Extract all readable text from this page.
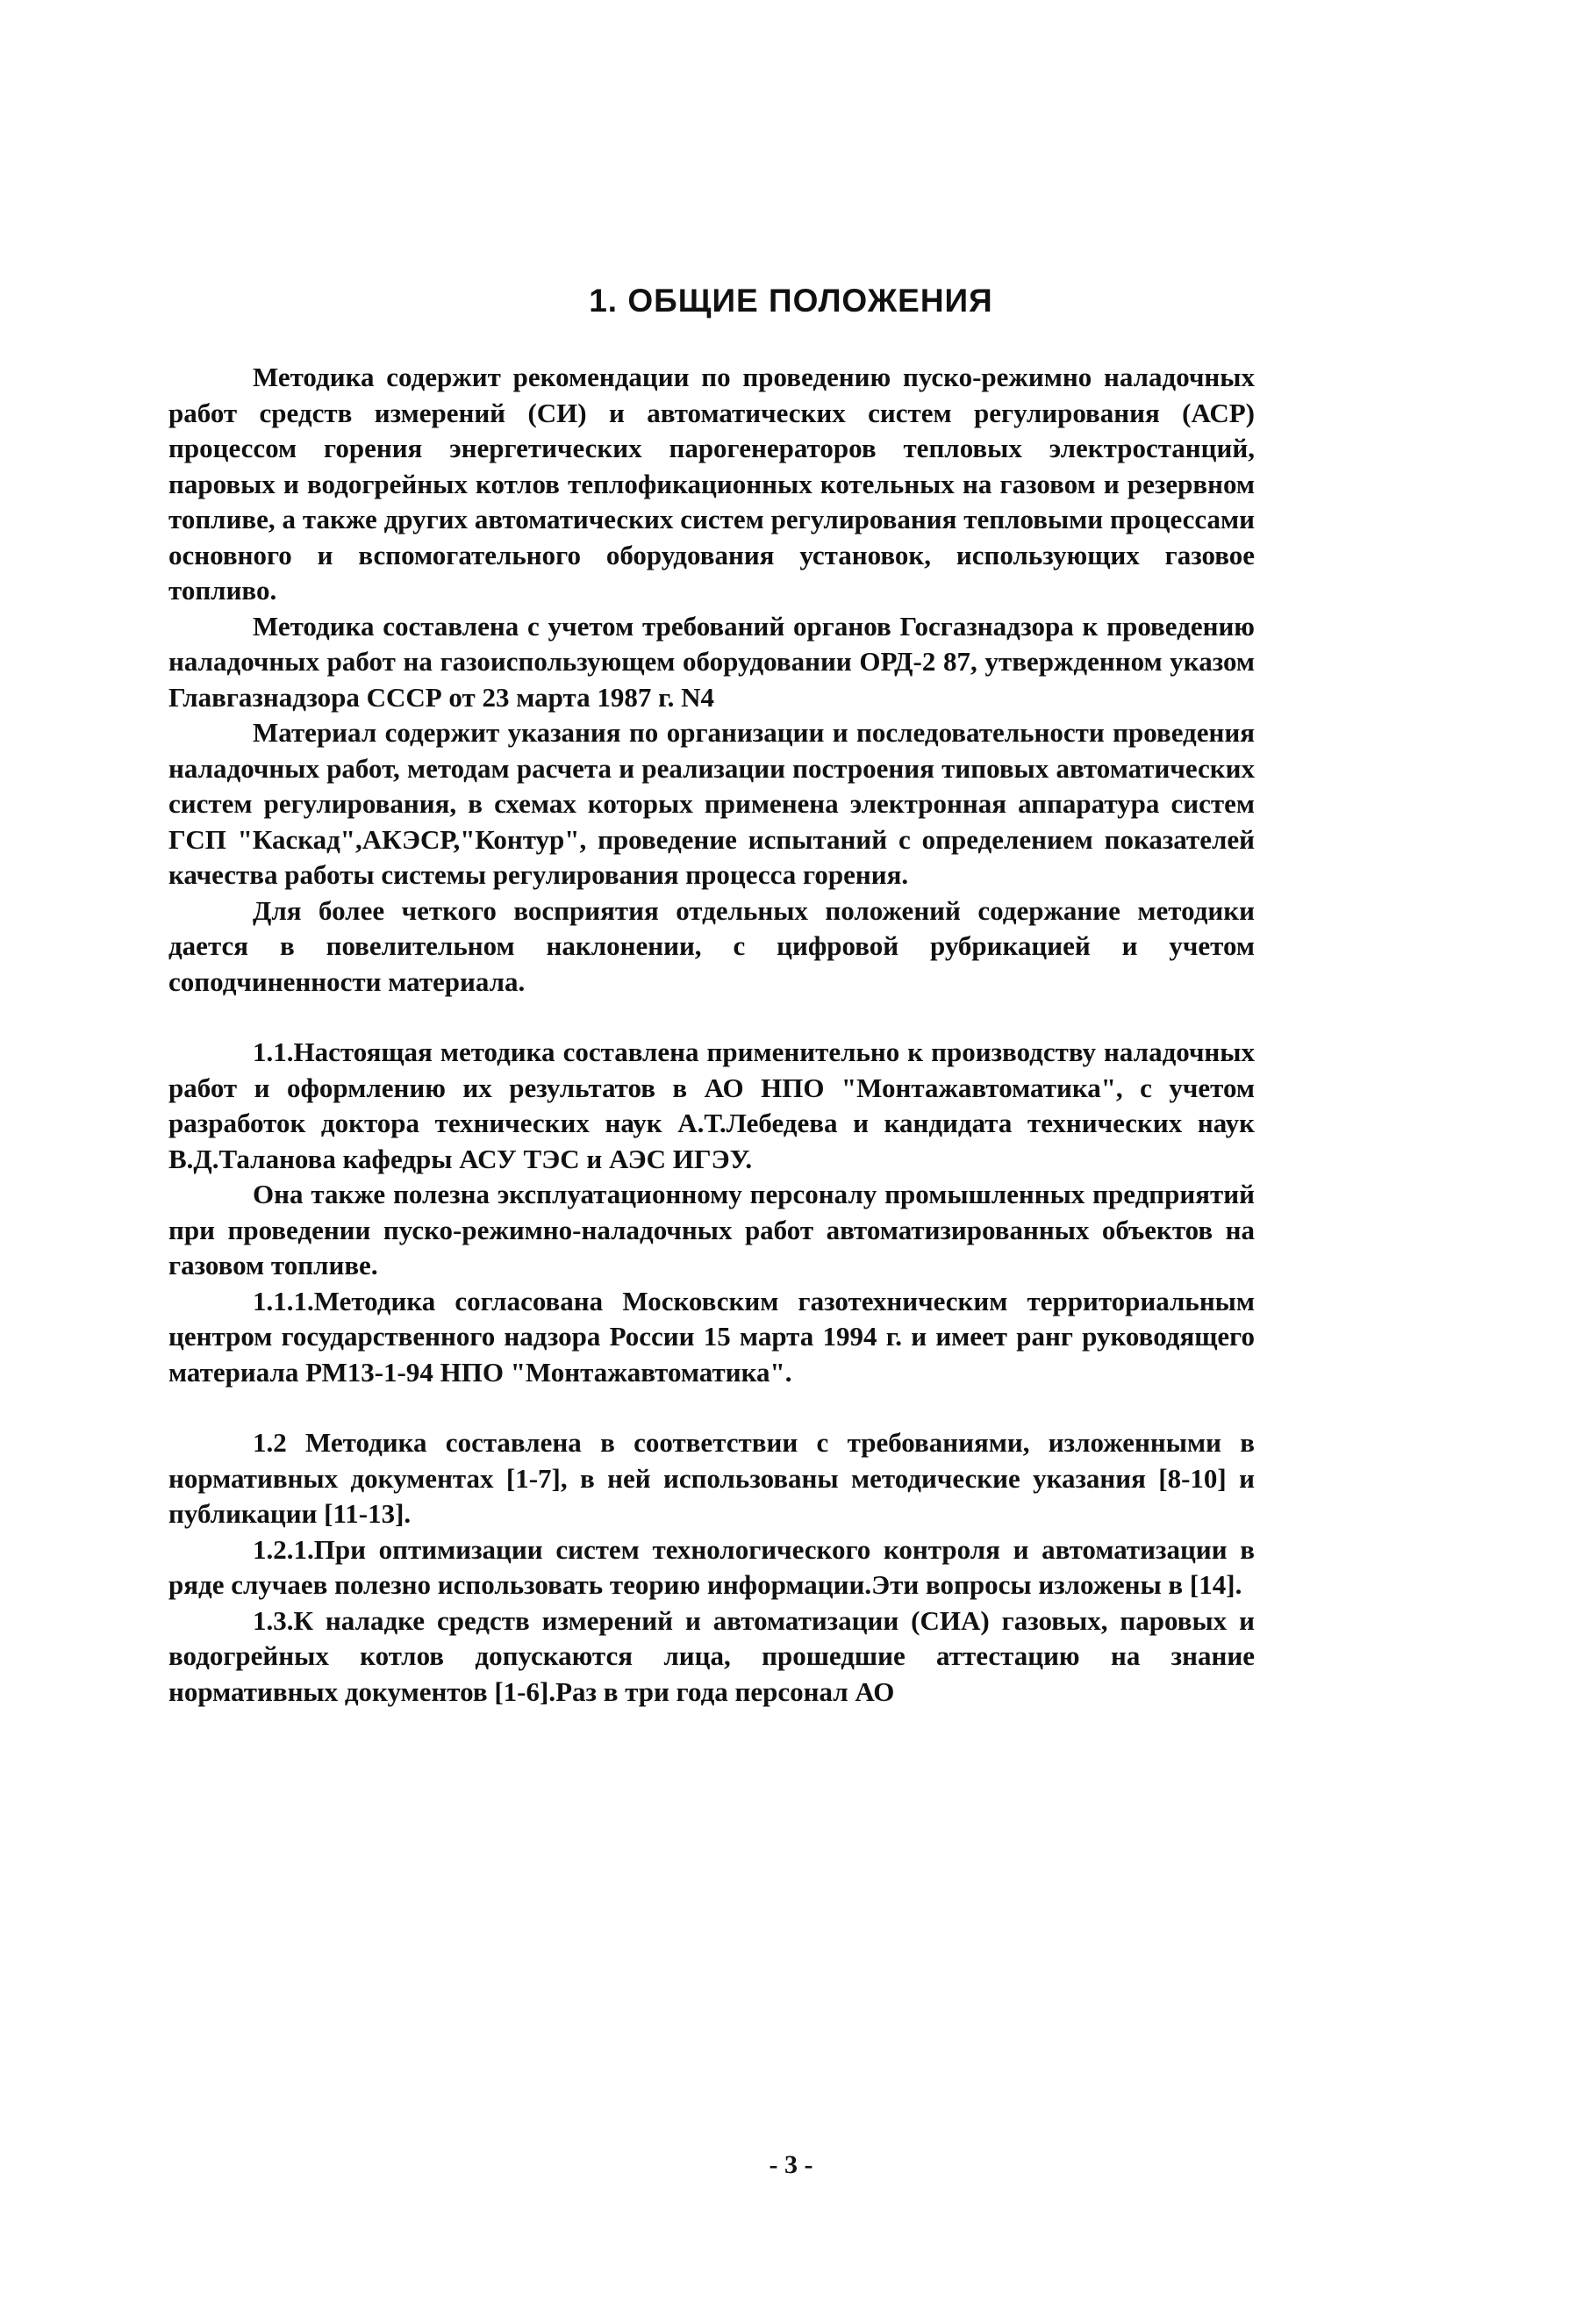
1. ОБЩИЕ ПОЛОЖЕНИЯ

Методика содержит рекомендации по проведению пуско-режимно наладочных работ средств измерений (СИ) и автоматических систем регулирования (АСР) процессом горения энергетических парогенераторов тепловых электростанций, паровых и водогрейных котлов теплофикационных котельных на газовом и резервном топливе, а также других автоматических систем регулирования тепловыми процессами основного и вспомогательного оборудования установок, использующих газовое топливо.

Методика составлена с учетом требований органов Госгазнадзора к проведению наладочных работ на газоиспользующем оборудовании ОРД-2 87, утвержденном указом Главгазнадзора СССР от 23 марта 1987 г. N4

Материал содержит указания по организации и последовательности проведения наладочных работ, методам расчета и реализации построения типовых автоматических систем регулирования, в схемах которых применена электронная аппаратура систем ГСП "Каскад",АКЭСР,"Контур", проведение испытаний с определением показателей качества работы системы регулирования процесса горения.

Для более четкого восприятия отдельных положений содержание методики дается в повелительном наклонении, с цифровой рубрикацией и учетом соподчиненности материала.

1.1.Настоящая методика составлена применительно к производству наладочных работ и оформлению их результатов в АО НПО "Монтажавтоматика", с учетом разработок доктора технических наук А.Т.Лебедева и кандидата технических наук В.Д.Таланова кафедры АСУ ТЭС и АЭС ИГЭУ.

Она также полезна эксплуатационному персоналу промышленных предприятий при проведении пуско-режимно-наладочных работ автоматизированных объектов на газовом топливе.

1.1.1.Методика согласована Московским газотехническим территориальным центром государственного надзора России 15 марта 1994 г. и имеет ранг руководящего материала РМ13-1-94 НПО "Монтажавтоматика".

1.2 Методика составлена в соответствии с требованиями, изложенными в нормативных документах [1-7], в ней использованы методические указания [8-10] и публикации [11-13].

1.2.1.При оптимизации систем технологического контроля и автоматизации в ряде случаев полезно использовать теорию информации.Эти вопросы изложены в [14].

1.3.К наладке средств измерений и автоматизации (СИА) газовых, паровых и водогрейных котлов допускаются лица, прошедшие аттестацию на знание нормативных документов [1-6].Раз в три года персонал АО

- 3 -
